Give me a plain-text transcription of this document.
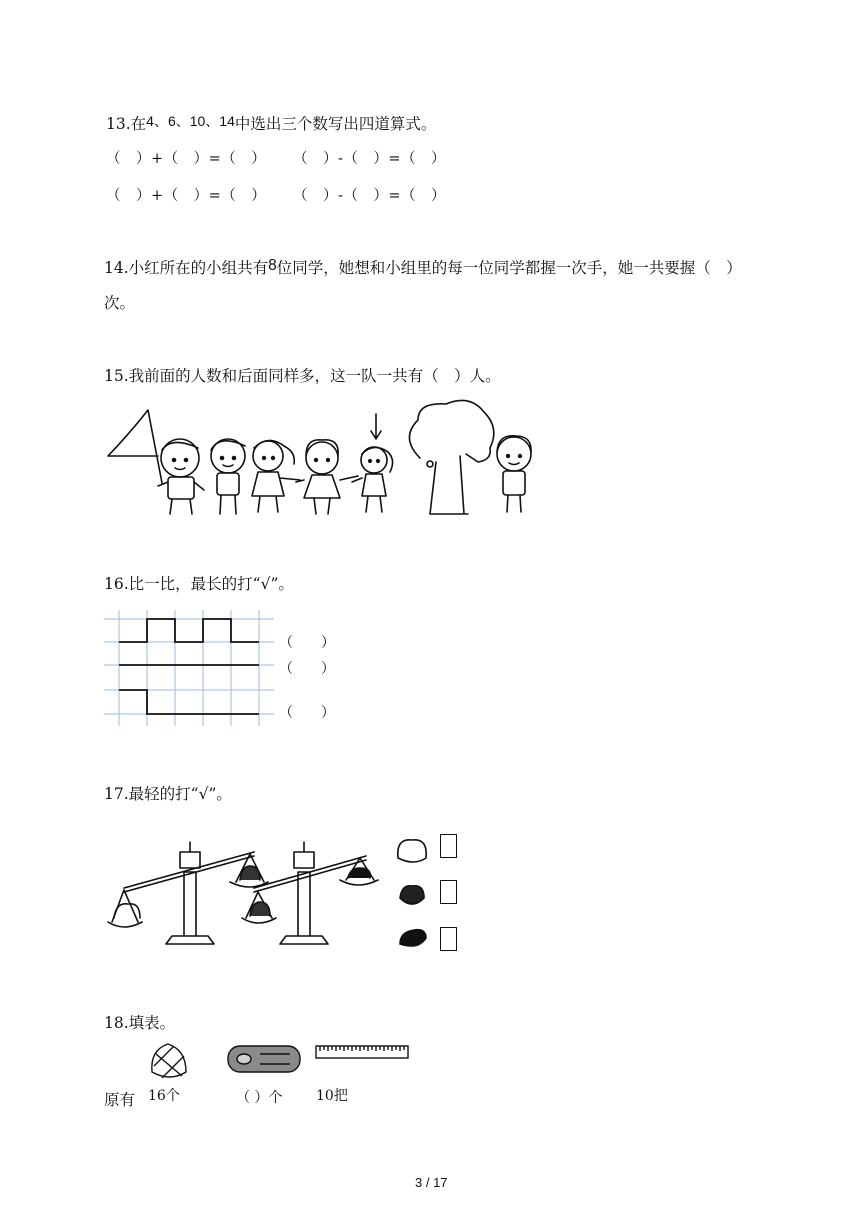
13.在4、6、10、14中选出三个数写出四道算式。
（　）+（　）=（　） （　）-（　）=（　）
（　）+（　）=（　） （　）-（　）=（　）
14.小红所在的小组共有8位同学，她想和小组里的每一位同学都握一次手，她一共要握（　）
次。
15.我前面的人数和后面同样多，这一队一共有（　）人。
16.比一比，最长的打“√”。
（　　）
（　　）
（　　）
17.最轻的打“√”。
18.填表。
原有 16个	（ ）个 10把
3 / 17
